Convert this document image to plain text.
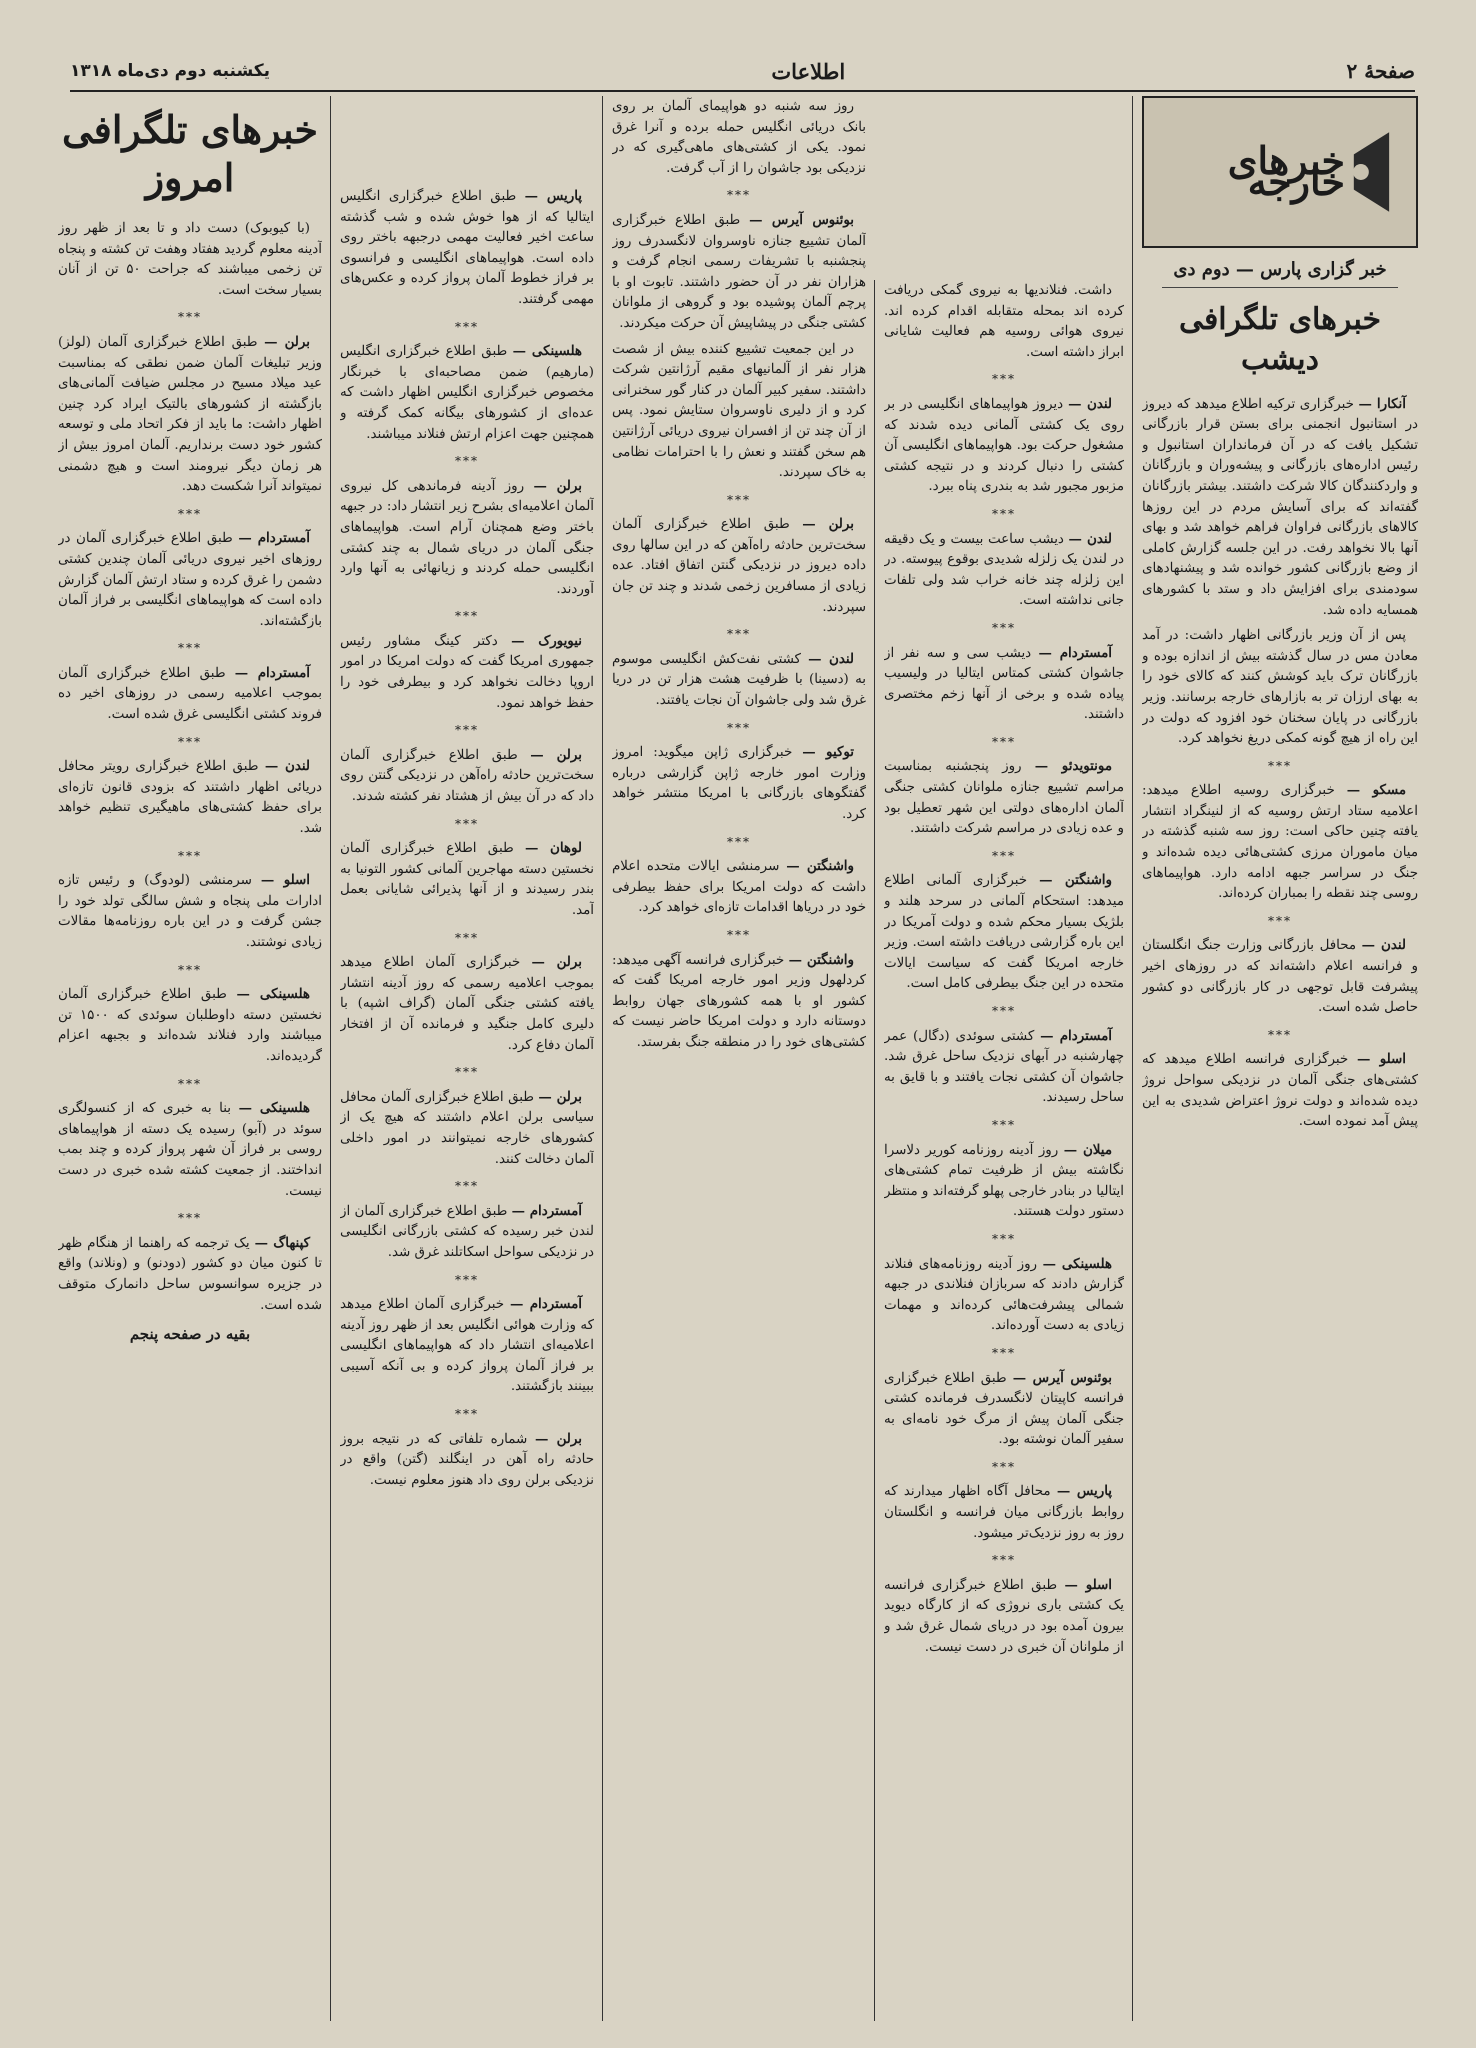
صفحهٔ ۲
اطلاعات
یکشنبه دوم دی‌ماه ۱۳۱۸
خبرهای خارجه
خبر گزاری پارس — دوم دی
خبرهای تلگرافی دیشب

آنکارا — خبرگزاری ترکیه اطلاع میدهد که دیروز در استانبول انجمنی برای بستن قرار بازرگانی تشکیل یافت که در آن فرمانداران استانبول و رئیس اداره‌های بازرگانی و پیشه‌وران و بازرگانان و واردکنندگان کالا شرکت داشتند. بیشتر بازرگانان گفته‌اند که برای آسایش مردم در این روزها کالاهای بازرگانی فراوان فراهم خواهد شد و بهای آنها بالا نخواهد رفت. در این جلسه گزارش کاملی از وضع بازرگانی کشور خوانده شد و پیشنهادهای سودمندی برای افزایش داد و ستد با کشورهای همسایه داده شد.

پس از آن وزیر بازرگانی اظهار داشت: در آمد معادن مس در سال گذشته بیش از اندازه بوده و بازرگانان ترک باید کوشش کنند که کالای خود را به بهای ارزان تر به بازارهای خارجه برسانند. وزیر بازرگانی در پایان سخنان خود افزود که دولت در این راه از هیچ گونه کمکی دریغ نخواهد کرد.

***

مسکو — خبرگزاری روسیه اطلاع میدهد: اعلامیه ستاد ارتش روسیه که از لنینگراد انتشار یافته چنین حاکی است: روز سه شنبه گذشته در میان ماموران مرزی کشتی‌هائی دیده شده‌اند و جنگ در سراسر جبهه ادامه دارد. هواپیماهای روسی چند نقطه را بمباران کرده‌اند.

***

لندن — محافل بازرگانی وزارت جنگ انگلستان و فرانسه اعلام داشته‌اند که در روزهای اخیر پیشرفت قابل توجهی در کار بازرگانی دو کشور حاصل شده است.

***

اسلو — خبرگزاری فرانسه اطلاع میدهد که کشتی‌های جنگی آلمان در نزدیکی سواحل نروژ دیده شده‌اند و دولت نروژ اعتراض شدیدی به این پیش آمد نموده است.

داشت. فنلاندیها به نیروی گمکی دریافت کرده اند بمحله متقابله اقدام کرده اند. نیروی هوائی روسیه هم فعالیت شایانی ابراز داشته است.

***

لندن — دیروز هواپیماهای انگلیسی در بر روی یک کشتی آلمانی دیده شدند که مشغول حرکت بود. هواپیماهای انگلیسی آن کشتی را دنبال کردند و در نتیجه کشتی مزبور مجبور شد به بندری پناه ببرد.

***

لندن — دیشب ساعت بیست و یک دقیقه در لندن یک زلزله شدیدی بوقوع پیوسته. در این زلزله چند خانه خراب شد ولی تلفات جانی نداشته است.

***

آمستردام — دیشب سی و سه نفر از جاشوان کشتی کمتاس ایتالیا در ولیسیب پیاده شده و برخی از آنها زخم مختصری داشتند.

***

مونتویدئو — روز پنجشنبه بمناسبت مراسم تشییع جنازه ملوانان کشتی جنگی آلمان اداره‌های دولتی این شهر تعطیل بود و عده زیادی در مراسم شرکت داشتند.

***

واشنگتن — خبرگزاری آلمانی اطلاع میدهد: استحکام آلمانی در سرحد هلند و بلژیک بسیار محکم شده و دولت آمریکا در این باره گزارشی دریافت داشته است. وزیر خارجه امریکا گفت که سیاست ایالات متحده در این جنگ بیطرفی کامل است.

***

آمستردام — کشتی سوئدی (دگال) عمر چهارشنبه در آبهای نزدیک ساحل غرق شد. جاشوان آن کشتی نجات یافتند و با قایق به ساحل رسیدند.

***

میلان — روز آدینه روزنامه کوریر دلاسرا نگاشته بیش از ظرفیت تمام کشتی‌های ایتالیا در بنادر خارجی پهلو گرفته‌اند و منتظر دستور دولت هستند.

***

هلسینکی — روز آدینه روزنامه‌های فنلاند گزارش دادند که سربازان فنلاندی در جبهه شمالی پیشرفت‌هائی کرده‌اند و مهمات زیادی به دست آورده‌اند.

***

بوئنوس آیرس — طبق اطلاع خبرگزاری فرانسه کاپیتان لانگسدرف فرمانده کشتی جنگی آلمان پیش از مرگ خود نامه‌ای به سفیر آلمان نوشته بود.

***

پاریس — محافل آگاه اظهار میدارند که روابط بازرگانی میان فرانسه و انگلستان روز به روز نزدیک‌تر میشود.

***

اسلو — طبق اطلاع خبرگزاری فرانسه یک کشتی باری نروژی که از کارگاه دیوید بیرون آمده بود در دریای شمال غرق شد و از ملوانان آن خبری در دست نیست.

روز سه شنبه دو هواپیمای آلمان بر روی بانک دریائی انگلیس حمله برده و آنرا غرق نمود. یکی از کشتی‌های ماهی‌گیری که در نزدیکی بود جاشوان را از آب گرفت.

***

بوئنوس آیرس — طبق اطلاع خبرگزاری آلمان تشییع جنازه ناوسروان لانگسدرف روز پنجشنبه با تشریفات رسمی انجام گرفت و هزاران نفر در آن حضور داشتند. تابوت او با پرچم آلمان پوشیده بود و گروهی از ملوانان کشتی جنگی در پیشاپیش آن حرکت میکردند.

در این جمعیت تشییع کننده بیش از شصت هزار نفر از آلمانیهای مقیم آرژانتین شرکت داشتند. سفیر کبیر آلمان در کنار گور سخنرانی کرد و از دلیری ناوسروان ستایش نمود. پس از آن چند تن از افسران نیروی دریائی آرژانتین هم سخن گفتند و نعش را با احترامات نظامی به خاک سپردند.

***

برلن — طبق اطلاع خبرگزاری آلمان سخت‌ترین حادثه راه‌آهن که در این سالها روی داده دیروز در نزدیکی گنتن اتفاق افتاد. عده زیادی از مسافرین زخمی شدند و چند تن جان سپردند.

***

لندن — کشتی نفت‌کش انگلیسی موسوم به (دسینا) با ظرفیت هشت هزار تن در دریا غرق شد ولی جاشوان آن نجات یافتند.

***

توکیو — خبرگزاری ژاپن میگوید: امروز وزارت امور خارجه ژاپن گزارشی درباره گفتگوهای بازرگانی با امریکا منتشر خواهد کرد.

***

واشنگتن — سرمنشی ایالات متحده اعلام داشت که دولت امریکا برای حفظ بیطرفی خود در دریاها اقدامات تازه‌ای خواهد کرد.

***

واشنگتن — خبرگزاری فرانسه آگهی میدهد: کردلهول وزیر امور خارجه امریکا گفت که کشور او با همه کشورهای جهان روابط دوستانه دارد و دولت امریکا حاضر نیست که کشتی‌های خود را در منطقه جنگ بفرستد.

پاریس — طبق اطلاع خبرگزاری انگلیس ایتالیا که از هوا خوش شده و شب گذشته ساعت اخیر فعالیت مهمی درجبهه باختر روی داده است. هواپیماهای انگلیسی و فرانسوی بر فراز خطوط آلمان پرواز کرده و عکس‌های مهمی گرفتند.

***

هلسینکی — طبق اطلاع خبرگزاری انگلیس (مارهیم) ضمن مصاحبه‌ای با خبرنگار مخصوص خبرگزاری انگلیس اظهار داشت که عده‌ای از کشورهای بیگانه کمک گرفته و همچنین جهت اعزام ارتش فنلاند میباشند.

***

برلن — روز آدینه فرماندهی کل نیروی آلمان اعلامیه‌ای بشرح زیر انتشار داد: در جبهه باختر وضع همچنان آرام است. هواپیماهای جنگی آلمان در دریای شمال به چند کشتی انگلیسی حمله کردند و زیانهائی به آنها وارد آوردند.

***

نیویورک — دکتر کینگ مشاور رئیس جمهوری امریکا گفت که دولت امریکا در امور اروپا دخالت نخواهد کرد و بیطرفی خود را حفظ خواهد نمود.

***

برلن — طبق اطلاع خبرگزاری آلمان سخت‌ترین حادثه راه‌آهن در نزدیکی گنتن روی داد که در آن بیش از هشتاد نفر کشته شدند.

***

لوهان — طبق اطلاع خبرگزاری آلمان نخستین دسته مهاجرین آلمانی کشور التونیا به بندر رسیدند و از آنها پذیرائی شایانی بعمل آمد.

***

برلن — خبرگزاری آلمان اطلاع میدهد بموجب اعلامیه رسمی که روز آدینه انتشار یافته کشتی جنگی آلمان (گراف اشپه) با دلیری کامل جنگید و فرمانده آن از افتخار آلمان دفاع کرد.

***

برلن — طبق اطلاع خبرگزاری آلمان محافل سیاسی برلن اعلام داشتند که هیچ یک از کشورهای خارجه نمیتوانند در امور داخلی آلمان دخالت کنند.

***

آمستردام — طبق اطلاع خبرگزاری آلمان از لندن خبر رسیده که کشتی بازرگانی انگلیسی در نزدیکی سواحل اسکاتلند غرق شد.

***

آمستردام — خبرگزاری آلمان اطلاع میدهد که وزارت هوائی انگلیس بعد از ظهر روز آدینه اعلامیه‌ای انتشار داد که هواپیماهای انگلیسی بر فراز آلمان پرواز کرده و بی آنکه آسیبی ببینند بازگشتند.

***

برلن — شماره تلفاتی که در نتیجه بروز حادثه راه آهن در اینگلند (گتن) واقع در نزدیکی برلن روی داد هنوز معلوم نیست.

خبرهای تلگرافی امروز

(با کیوبوک) دست داد و تا بعد از ظهر روز آدینه معلوم گردید هفتاد وهفت تن کشته و پنجاه تن زخمی میباشند که جراحت ۵۰ تن از آنان بسیار سخت است.

***

برلن — طبق اطلاع خبرگزاری آلمان (لولز) وزیر تبلیغات آلمان ضمن نطقی که بمناسبت عید میلاد مسیح در مجلس ضیافت آلمانی‌های بازگشته از کشورهای بالتیک ایراد کرد چنین اظهار داشت: ما باید از فکر اتحاد ملی و توسعه کشور خود دست برنداریم. آلمان امروز بیش از هر زمان دیگر نیرومند است و هیچ دشمنی نمیتواند آنرا شکست دهد.

***

آمستردام — طبق اطلاع خبرگزاری آلمان در روزهای اخیر نیروی دریائی آلمان چندین کشتی دشمن را غرق کرده و ستاد ارتش آلمان گزارش داده است که هواپیماهای انگلیسی بر فراز آلمان بازگشته‌اند.

***

آمستردام — طبق اطلاع خبرگزاری آلمان بموجب اعلامیه رسمی در روزهای اخیر ده فروند کشتی انگلیسی غرق شده است.

***

لندن — طبق اطلاع خبرگزاری رویتر محافل دریائی اظهار داشتند که بزودی قانون تازه‌ای برای حفظ کشتی‌های ماهیگیری تنظیم خواهد شد.

***

اسلو — سرمنشی (لودوگ) و رئیس تازه ادارات ملی پنجاه و شش سالگی تولد خود را جشن گرفت و در این باره روزنامه‌ها مقالات زیادی نوشتند.

***

هلسینکی — طبق اطلاع خبرگزاری آلمان نخستین دسته داوطلبان سوئدی که ۱۵۰۰ تن میباشند وارد فنلاند شده‌اند و بجبهه اعزام گردیده‌اند.

***

هلسینکی — بنا به خبری که از کنسولگری سوئد در (آبو) رسیده یک دسته از هواپیماهای روسی بر فراز آن شهر پرواز کرده و چند بمب انداختند. از جمعیت کشته شده خبری در دست نیست.

***

کپنهاگ — یک ترجمه که راهنما از هنگام ظهر تا کنون میان دو کشور (دودنو) و (ونلاند) واقع در جزیره سوانسوس ساحل دانمارک متوقف شده است.

بقیه در صفحه پنجم
